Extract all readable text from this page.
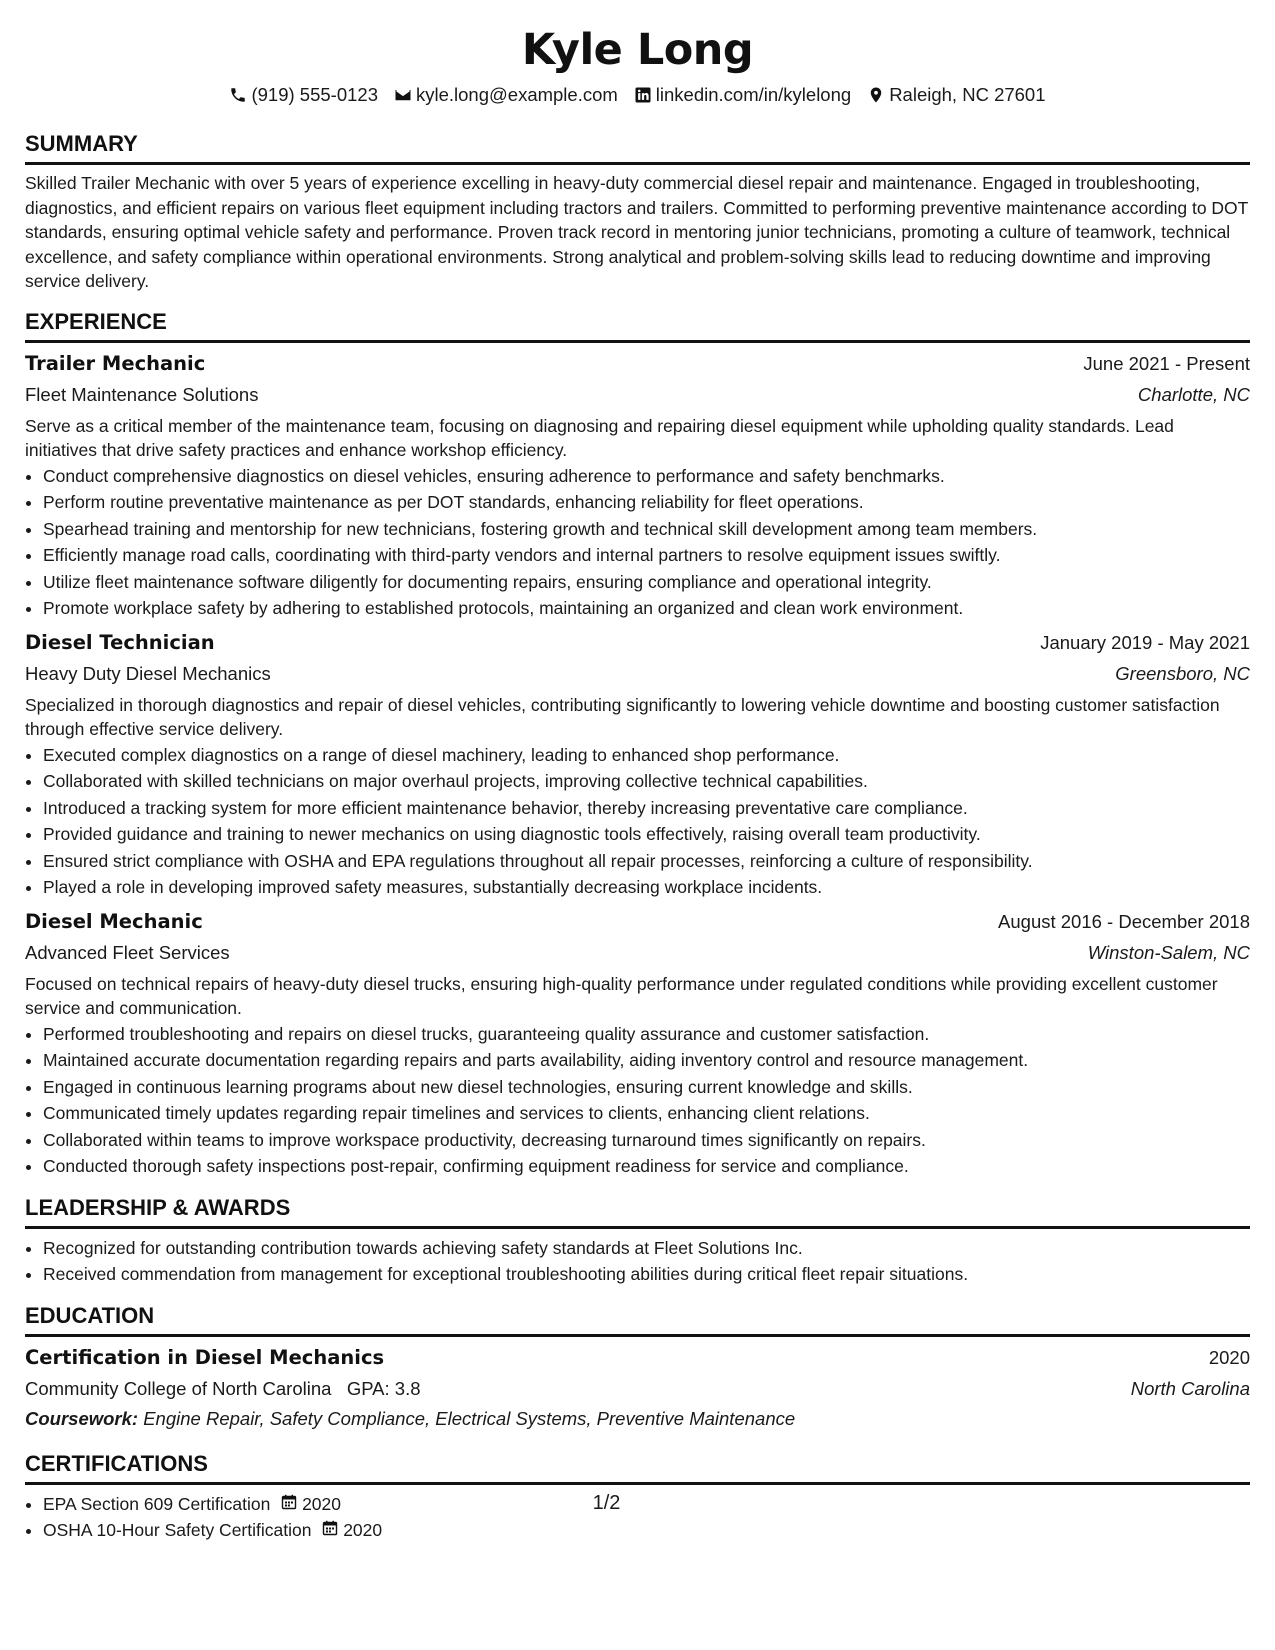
Kyle Long
(919) 555-0123 kyle.long@example.com linkedin.com/in/kylelong Raleigh, NC 27601
SUMMARY
Skilled Trailer Mechanic with over 5 years of experience excelling in heavy-duty commercial diesel repair and maintenance. Engaged in troubleshooting, diagnostics, and efficient repairs on various fleet equipment including tractors and trailers. Committed to performing preventive maintenance according to DOT standards, ensuring optimal vehicle safety and performance. Proven track record in mentoring junior technicians, promoting a culture of teamwork, technical excellence, and safety compliance within operational environments. Strong analytical and problem-solving skills lead to reducing downtime and improving service delivery.
EXPERIENCE
Trailer Mechanic	June 2021 - Present
Fleet Maintenance Solutions	Charlotte, NC
Serve as a critical member of the maintenance team, focusing on diagnosing and repairing diesel equipment while upholding quality standards. Lead initiatives that drive safety practices and enhance workshop efficiency.
• Conduct comprehensive diagnostics on diesel vehicles, ensuring adherence to performance and safety benchmarks.
• Perform routine preventative maintenance as per DOT standards, enhancing reliability for fleet operations.
• Spearhead training and mentorship for new technicians, fostering growth and technical skill development among team members.
• Efficiently manage road calls, coordinating with third-party vendors and internal partners to resolve equipment issues swiftly.
• Utilize fleet maintenance software diligently for documenting repairs, ensuring compliance and operational integrity.
• Promote workplace safety by adhering to established protocols, maintaining an organized and clean work environment.
Diesel Technician	January 2019 - May 2021
Heavy Duty Diesel Mechanics	Greensboro, NC
Specialized in thorough diagnostics and repair of diesel vehicles, contributing significantly to lowering vehicle downtime and boosting customer satisfaction through effective service delivery.
• Executed complex diagnostics on a range of diesel machinery, leading to enhanced shop performance.
• Collaborated with skilled technicians on major overhaul projects, improving collective technical capabilities.
• Introduced a tracking system for more efficient maintenance behavior, thereby increasing preventative care compliance.
• Provided guidance and training to newer mechanics on using diagnostic tools effectively, raising overall team productivity.
• Ensured strict compliance with OSHA and EPA regulations throughout all repair processes, reinforcing a culture of responsibility.
• Played a role in developing improved safety measures, substantially decreasing workplace incidents.
Diesel Mechanic	August 2016 - December 2018
Advanced Fleet Services	Winston-Salem, NC
Focused on technical repairs of heavy-duty diesel trucks, ensuring high-quality performance under regulated conditions while providing excellent customer service and communication.
• Performed troubleshooting and repairs on diesel trucks, guaranteeing quality assurance and customer satisfaction.
• Maintained accurate documentation regarding repairs and parts availability, aiding inventory control and resource management.
• Engaged in continuous learning programs about new diesel technologies, ensuring current knowledge and skills.
• Communicated timely updates regarding repair timelines and services to clients, enhancing client relations.
• Collaborated within teams to improve workspace productivity, decreasing turnaround times significantly on repairs.
• Conducted thorough safety inspections post-repair, confirming equipment readiness for service and compliance.
LEADERSHIP & AWARDS
• Recognized for outstanding contribution towards achieving safety standards at Fleet Solutions Inc.
• Received commendation from management for exceptional troubleshooting abilities during critical fleet repair situations.
EDUCATION
Certification in Diesel Mechanics	2020
Community College of North Carolina GPA: 3.8	North Carolina
Coursework: Engine Repair, Safety Compliance, Electrical Systems, Preventive Maintenance
CERTIFICATIONS
• EPA Section 609 Certification 2020
• OSHA 10-Hour Safety Certification 2020
1/2
